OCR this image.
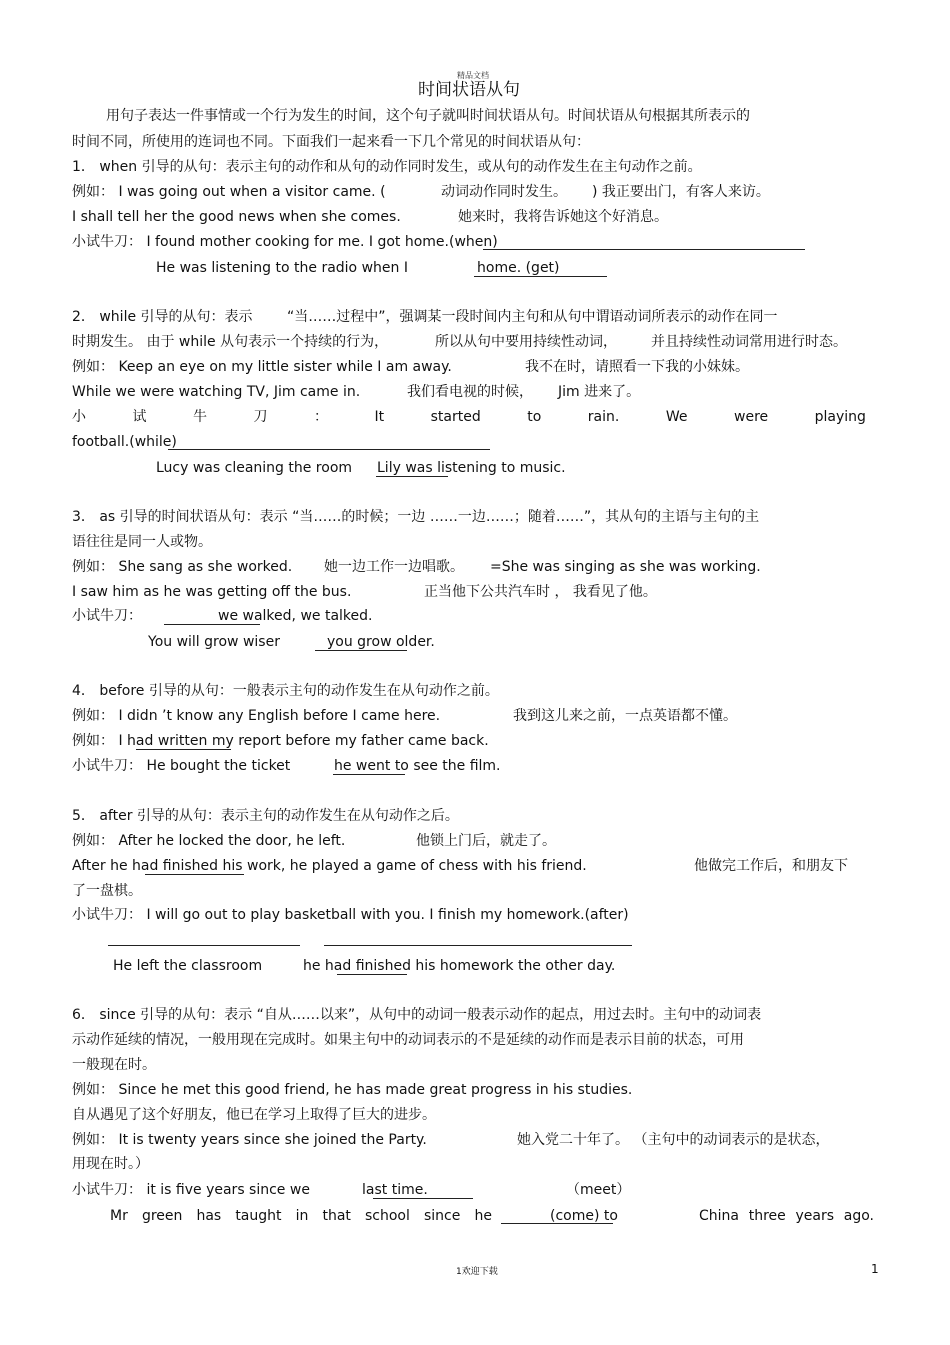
精品文档
时间状语从句
用句子表达一件事情或一个行为发生的时间，这个句子就叫时间状语从句。时间状语从句根据其所表示的
时间不同，所使用的连词也不同。下面我们一起来看一下几个常见的时间状语从句：
1． when 引导的从句：表示主句的动作和从句的动作同时发生，或从句的动作发生在主句动作之前。
例如： I was going out when a visitor came. (	动词动作同时发生。 ) 我正要出门，有客人来访。
I shall tell her the good news when she comes.	她来时，我将告诉她这个好消息。
小试牛刀： I found mother cooking for me. I got home.(when)
He was listening to the radio when I	home. (get)
2． while 引导的从句：表示 “当……过程中”，强调某一段时间内主句和从句中谓语动词所表示的动作在同一
时期发生。 由于 while 从句表示一个持续的行为，	所以从句中要用持续性动词， 并且持续性动词常用进行时态。
例如： Keep an eye on my little sister while I am away.	我不在时，请照看一下我的小妹妹。
While we were watching TV, Jim came in.	我们看电视的时候， Jim 进来了。
小	试	牛	刀	：	It	started	to	rain.	We	were	playing
football.(while)
Lucy was cleaning the room Lily was listening to music.
3． as 引导的时间状语从句：表示 “当……的时候；一边 ……一边……；随着……”，其从句的主语与主句的主
语往往是同一人或物。
例如： She sang as she worked. 她一边工作一边唱歌。 =She was singing as she was working.
I saw him as he was getting off the bus.	正当他下公共汽车时 ， 我看见了他。
小试牛刀：	we walked, we talked.
You will grow wiser	you grow older.
4． before 引导的从句：一般表示主句的动作发生在从句动作之前。
例如： I didn ’t know any English before I came here.	我到这儿来之前，一点英语都不懂。
例如： I had written my report before my father came back.
小试牛刀： He bought the ticket	he went to see the film.
5． after 引导的从句：表示主句的动作发生在从句动作之后。
例如： After he locked the door, he left.	他锁上门后，就走了。
After he had finished his work, he played a game of chess with his friend.	他做完工作后，和朋友下
了一盘棋。
小试牛刀： I will go out to play basketball with you. I finish my homework.(after)
He left the classroom	he had finished his homework the other day.
6． since 引导的从句：表示 “自从……以来”，从句中的动词一般表示动作的起点，用过去时。主句中的动词表
示动作延续的情况，一般用现在完成时。如果主句中的动词表示的不是延续的动作而是表示目前的状态，可用
一般现在时。
例如： Since he met this good friend, he has made great progress in his studies.
自从遇见了这个好朋友，他已在学习上取得了巨大的进步。
例如： It is twenty years since she joined the Party.	她入党二十年了。 （主句中的动词表示的是状态，
用现在时。）
小试牛刀： it is five years since we	last time.	（meet）
Mr green has taught in that school since he	(come) to	China three years ago.
1欢迎下载	1
